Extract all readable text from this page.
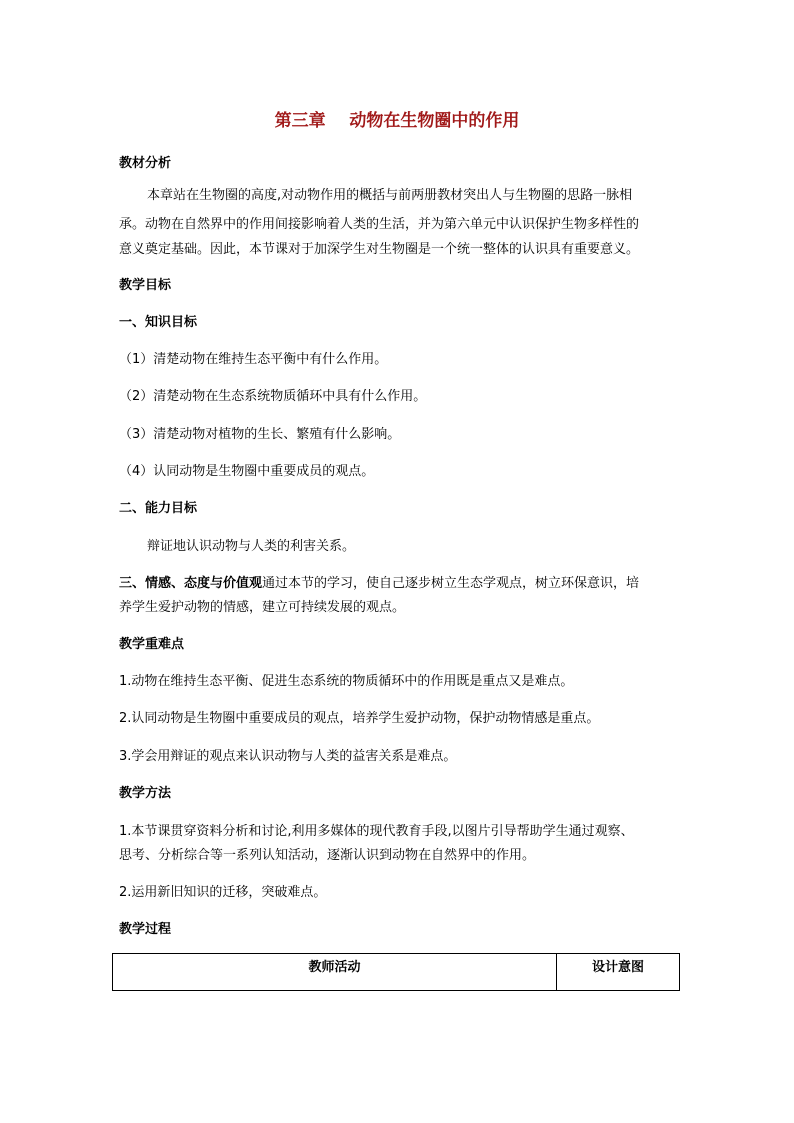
第三章    动物在生物圈中的作用
教材分析
本章站在生物圈的高度,对动物作用的概括与前两册教材突出人与生物圈的思路一脉相
承。动物在自然界中的作用间接影响着人类的生活，并为第六单元中认识保护生物多样性的
意义奠定基础。因此，本节课对于加深学生对生物圈是一个统一整体的认识具有重要意义。
教学目标
一、知识目标
（1）清楚动物在维持生态平衡中有什么作用。
（2）清楚动物在生态系统物质循环中具有什么作用。
（3）清楚动物对植物的生长、繁殖有什么影响。
（4）认同动物是生物圈中重要成员的观点。
二、能力目标
辩证地认识动物与人类的利害关系。
三、情感、态度与价值观通过本节的学习，使自己逐步树立生态学观点，树立环保意识，培
养学生爱护动物的情感，建立可持续发展的观点。
教学重难点
1.动物在维持生态平衡、促进生态系统的物质循环中的作用既是重点又是难点。
2.认同动物是生物圈中重要成员的观点，培养学生爱护动物，保护动物情感是重点。
3.学会用辩证的观点来认识动物与人类的益害关系是难点。
教学方法
1.本节课贯穿资料分析和讨论,利用多媒体的现代教育手段,以图片引导帮助学生通过观察、
思考、分析综合等一系列认知活动，逐渐认识到动物在自然界中的作用。
2.运用新旧知识的迁移，突破难点。
教学过程
教师活动	设计意图
